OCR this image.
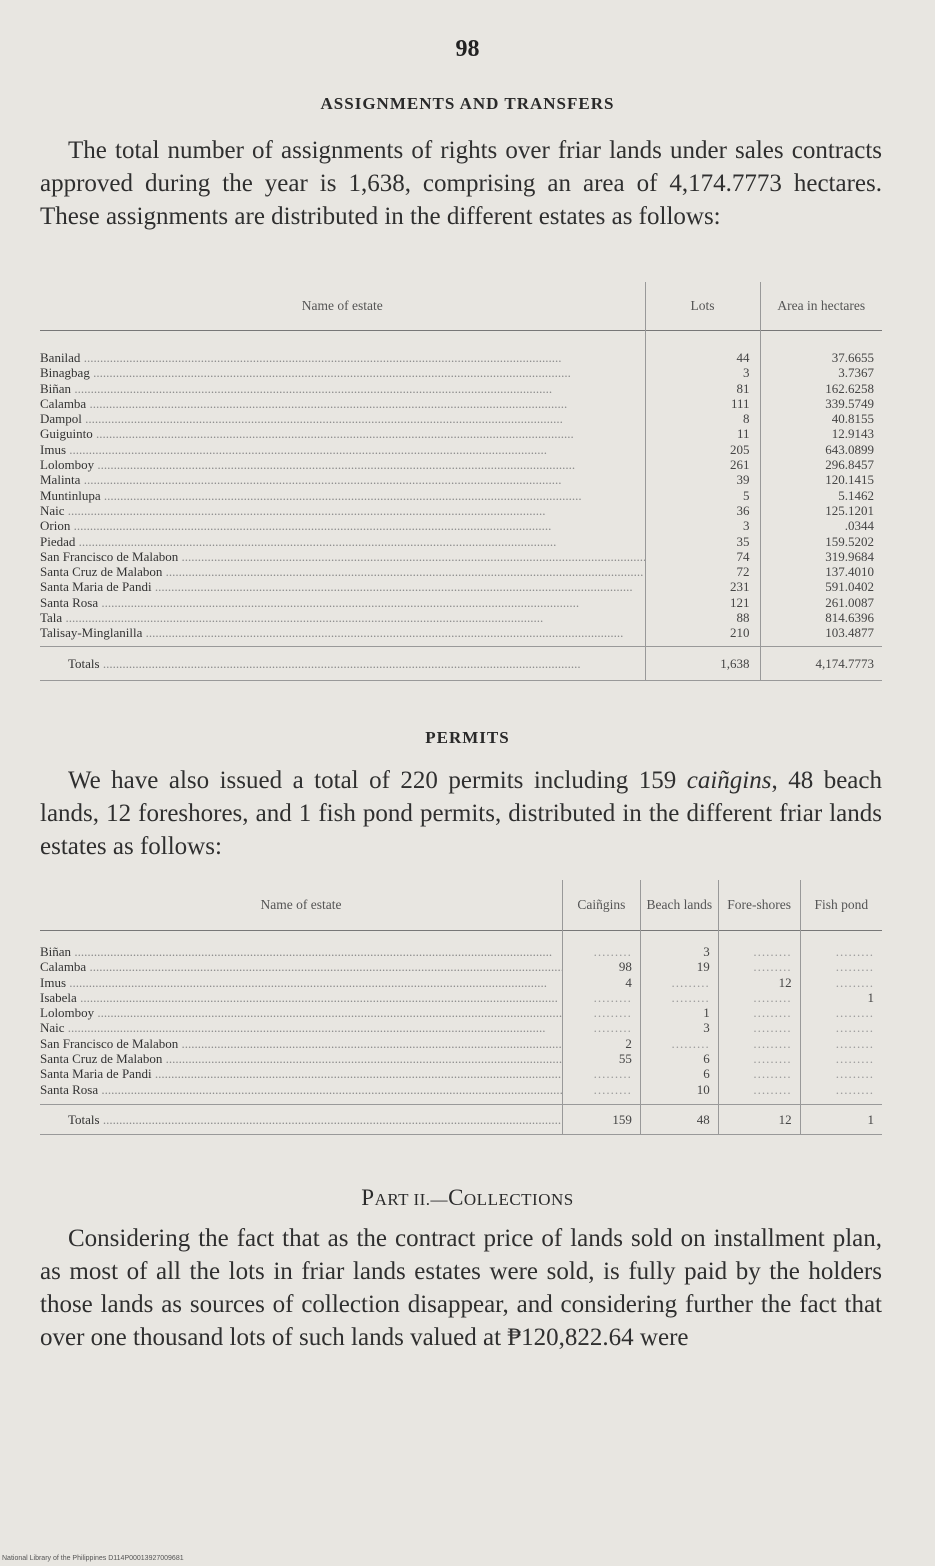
98
ASSIGNMENTS AND TRANSFERS
The total number of assignments of rights over friar lands under sales contracts approved during the year is 1,638, comprising an area of 4,174.7773 hectares. These assignments are distributed in the different estates as follows:
Name of estate	Lots	Area in hectares

Banilad .....	44	37.6655
Binagbag .....	3	3.7367
Biñan .....	81	162.6258
Calamba .....	111	339.5749
Dampol .....	8	40.8155
Guiguinto .....	11	12.9143
Imus .....	205	643.0899
Lolomboy .....	261	296.8457
Malinta .....	39	120.1415
Muntinlupa .....	5	5.1462
Naic .....	36	125.1201
Orion .....	3	.0344
Piedad .....	35	159.5202
San Francisco de Malabon .....	74	319.9684
Santa Cruz de Malabon .....	72	137.4010
Santa Maria de Pandi .....	231	591.0402
Santa Rosa .....	121	261.0087
Tala .....	88	814.6396
Talisay-Minglanilla .....	210	103.4877

Totals .....	1,638	4,174.7773
PERMITS
We have also issued a total of 220 permits including 159 caiñgins, 48 beach lands, 12 foreshores, and 1 fish pond permits, distributed in the different friar lands estates as follows:
Name of estate	Caiñgins	Beach lands	Fore-shores	Fish pond

Biñan .....	.........	3	.........	.........
Calamba .....	98	19	.........	.........
Imus .....	4	.........	12	.........
Isabela .....	.........	.........	.........	1
Lolomboy .....	.........	1	.........	.........
Naic .....	.........	3	.........	.........
San Francisco de Malabon .....	2	.........	.........	.........
Santa Cruz de Malabon .....	55	6	.........	.........
Santa Maria de Pandi .....	.........	6	.........	.........
Santa Rosa .....	.........	10	.........	.........

Totals .....	159	48	12	1
PART II.—COLLECTIONS
Considering the fact that as the contract price of lands sold on installment plan, as most of all the lots in friar lands estates were sold, is fully paid by the holders those lands as sources of collection disappear, and considering further the fact that over one thousand lots of such lands valued at ₱120,822.64 were
National Library of the Philippines D114P00013927009681
